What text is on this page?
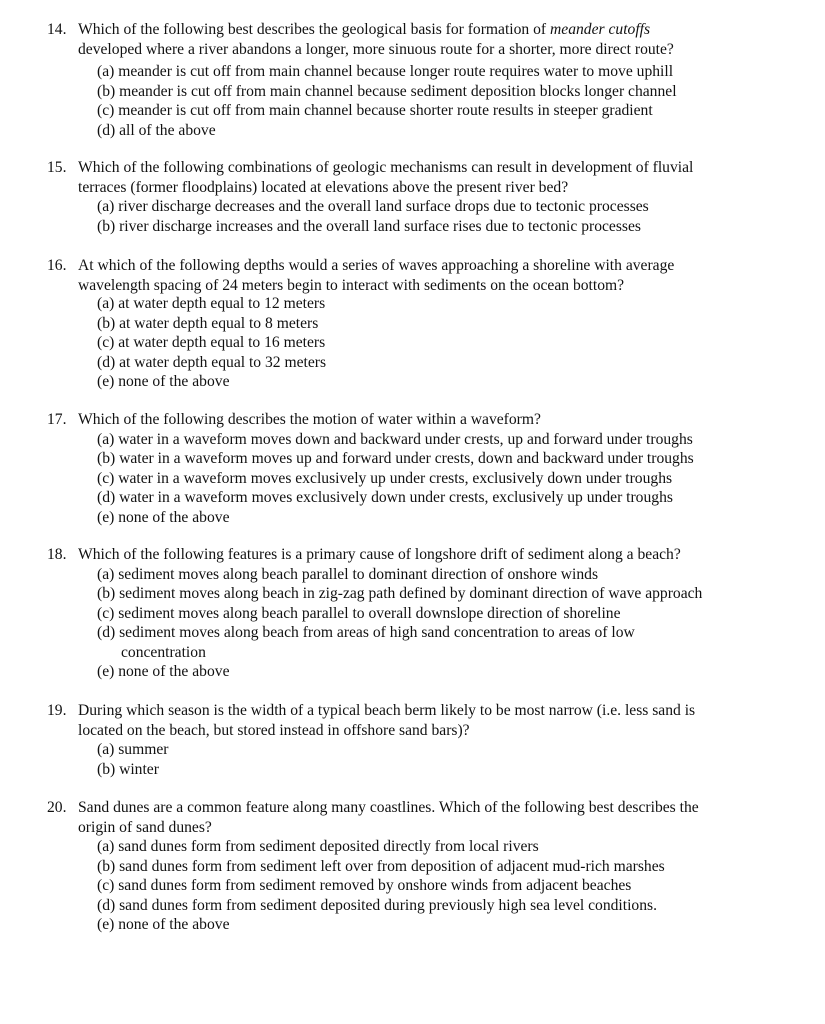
14. Which of the following best describes the geological basis for formation of meander cutoffs
developed where a river abandons a longer, more sinuous route for a shorter, more direct route?
(a) meander is cut off from main channel because longer route requires water to move uphill
(b) meander is cut off from main channel because sediment deposition blocks longer channel
(c) meander is cut off from main channel because shorter route results in steeper gradient
(d) all of the above
15. Which of the following combinations of geologic mechanisms can result in development of fluvial
terraces (former floodplains) located at elevations above the present river bed?
(a) river discharge decreases and the overall land surface drops due to tectonic processes
(b) river discharge increases and the overall land surface rises due to tectonic processes
16. At which of the following depths would a series of waves approaching a shoreline with average
wavelength spacing of 24 meters begin to interact with sediments on the ocean bottom?
(a) at water depth equal to 12 meters
(b) at water depth equal to 8 meters
(c) at water depth equal to 16 meters
(d) at water depth equal to 32 meters
(e) none of the above
17. Which of the following describes the motion of water within a waveform?
(a) water in a waveform moves down and backward under crests, up and forward under troughs
(b) water in a waveform moves up and forward under crests, down and backward under troughs
(c) water in a waveform moves exclusively up under crests, exclusively down under troughs
(d) water in a waveform moves exclusively down under crests, exclusively up under troughs
(e) none of the above
18. Which of the following features is a primary cause of longshore drift of sediment along a beach?
(a) sediment moves along beach parallel to dominant direction of onshore winds
(b) sediment moves along beach in zig-zag path defined by dominant direction of wave approach
(c) sediment moves along beach parallel to overall downslope direction of shoreline
(d) sediment moves along beach from areas of high sand concentration to areas of low
concentration
(e) none of the above
19. During which season is the width of a typical beach berm likely to be most narrow (i.e. less sand is
located on the beach, but stored instead in offshore sand bars)?
(a) summer
(b) winter
20. Sand dunes are a common feature along many coastlines. Which of the following best describes the
origin of sand dunes?
(a) sand dunes form from sediment deposited directly from local rivers
(b) sand dunes form from sediment left over from deposition of adjacent mud-rich marshes
(c) sand dunes form from sediment removed by onshore winds from adjacent beaches
(d) sand dunes form from sediment deposited during previously high sea level conditions.
(e) none of the above
